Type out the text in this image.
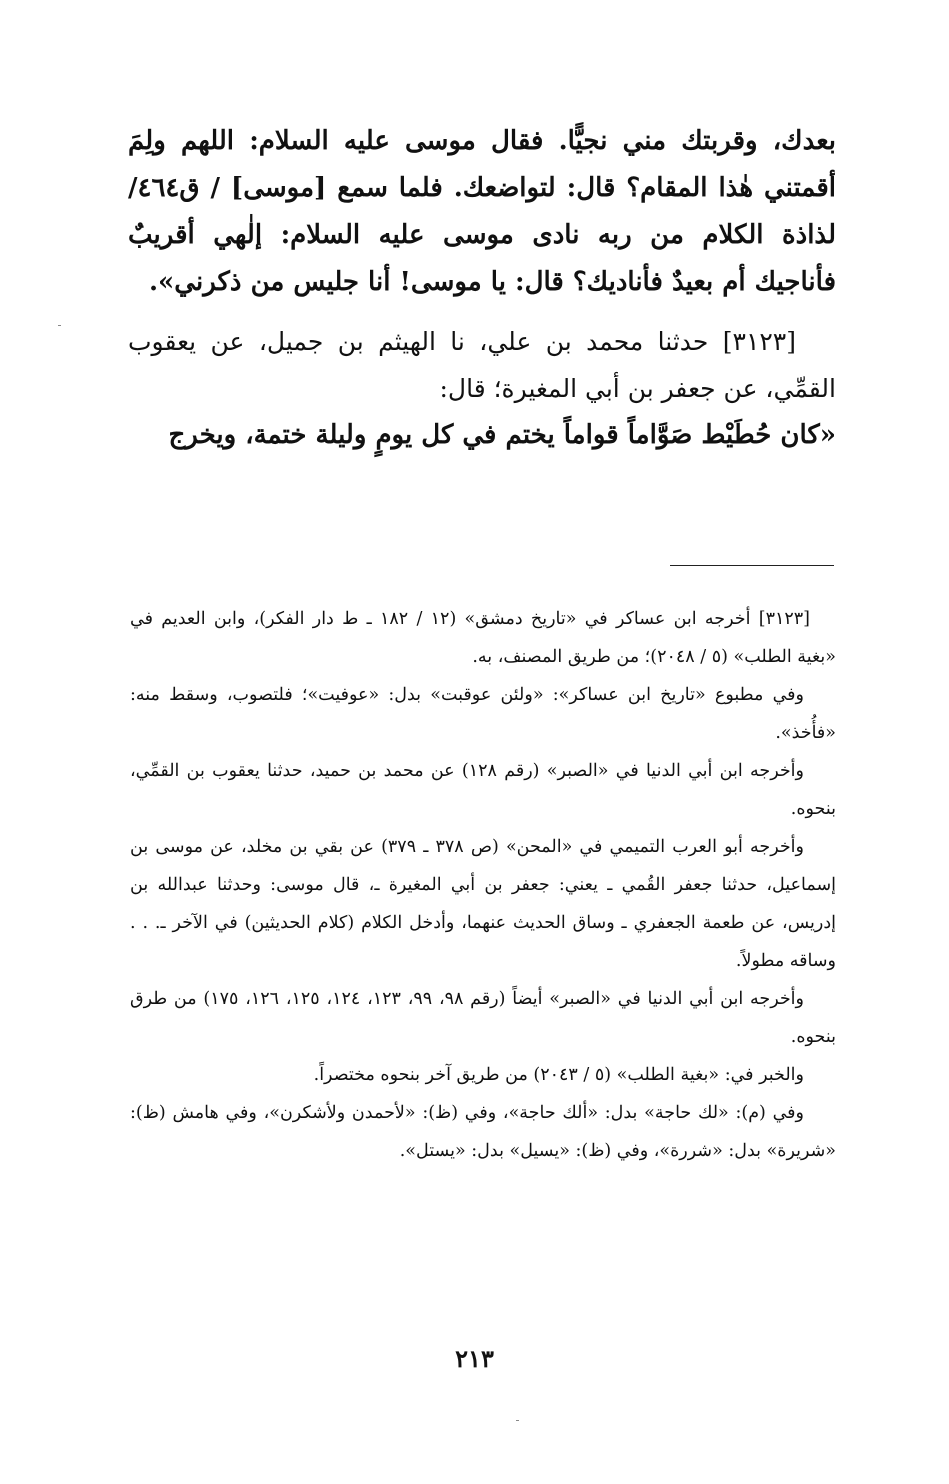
بعدك، وقربتك مني نجيًّا. فقال موسى عليه السلام: اللهم ولِمَ أقمتني هٰذا المقام؟ قال: لتواضعك. فلما سمع [موسى] / ق٤٦٤/ لذاذة الكلام من ربه نادى موسى عليه السلام: إلٰهي أقريبٌ فأناجيك أم بعيدٌ فأناديك؟ قال: يا موسى! أنا جليس من ذكرني».

[٣١٢٣] حدثنا محمد بن علي، نا الهيثم بن جميل، عن يعقوب القمِّي، عن جعفر بن أبي المغيرة؛ قال:

«كان حُطَيْط صَوَّاماً قواماً يختم في كل يومٍ وليلة ختمة، ويخرج

[٣١٢٣] أخرجه ابن عساكر في «تاريخ دمشق» (١٢ / ١٨٢ ـ ط دار الفكر)، وابن العديم في «بغية الطلب» (٥ / ٢٠٤٨)؛ من طريق المصنف، به.

وفي مطبوع «تاريخ ابن عساكر»: «ولئن عوقبت» بدل: «عوفيت»؛ فلتصوب، وسقط منه: «فأُخذ».

وأخرجه ابن أبي الدنيا في «الصبر» (رقم ١٢٨) عن محمد بن حميد، حدثنا يعقوب بن القمِّي، بنحوه.

وأخرجه أبو العرب التميمي في «المحن» (ص ٣٧٨ ـ ٣٧٩) عن بقي بن مخلد، عن موسى بن إسماعيل، حدثنا جعفر القُمي ـ يعني: جعفر بن أبي المغيرة ـ، قال موسى: وحدثنا عبدالله بن إدريس، عن طعمة الجعفري ـ وساق الحديث عنهما، وأدخل الكلام (كلام الحديثين) في الآخر ـ. . . وساقه مطولاً.

وأخرجه ابن أبي الدنيا في «الصبر» أيضاً (رقم ٩٨، ٩٩، ١٢٣، ١٢٤، ١٢٥، ١٢٦، ١٧٥) من طرق بنحوه.

والخبر في: «بغية الطلب» (٥ / ٢٠٤٣) من طريق آخر بنحوه مختصراً.

وفي (م): «لك حاجة» بدل: «ألك حاجة»، وفي (ظ): «لأحمدن ولأشكرن»، وفي هامش (ظ): «شريرة» بدل: «شررة»، وفي (ظ): «يسيل» بدل: «يستل».

٢١٣
